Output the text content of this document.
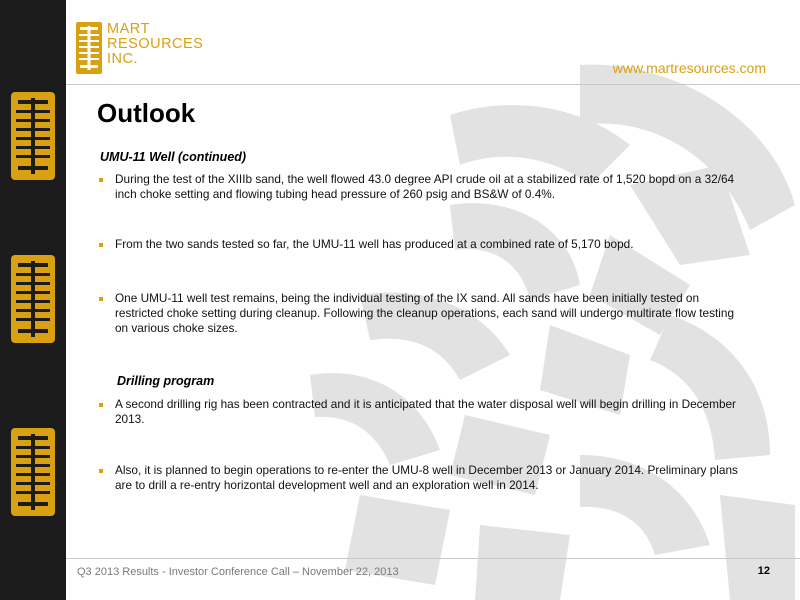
MART
RESOURCES
INC.
www.martresources.com
Outlook
UMU-11 Well (continued)
During the test of the XIIIb sand, the well flowed 43.0 degree API crude oil at a stabilized rate of 1,520 bopd on a 32/64 inch choke setting and flowing tubing head pressure of 260 psig and BS&W of 0.4%.
From the two sands tested so far, the UMU-11 well has produced at a combined rate of 5,170 bopd.
One UMU-11 well test remains, being the individual testing of the IX sand. All sands have been initially tested on restricted choke setting during cleanup. Following the cleanup operations, each sand will undergo multirate flow testing on various choke sizes.
Drilling program
A second drilling rig has been contracted and it is anticipated that the water disposal well will begin drilling in December 2013.
Also, it is planned to begin operations to re-enter the UMU-8 well in December 2013 or January 2014. Preliminary plans are to drill a re-entry horizontal development well and an exploration well in 2014.
Q3 2013 Results - Investor Conference Call – November 22, 2013	12
